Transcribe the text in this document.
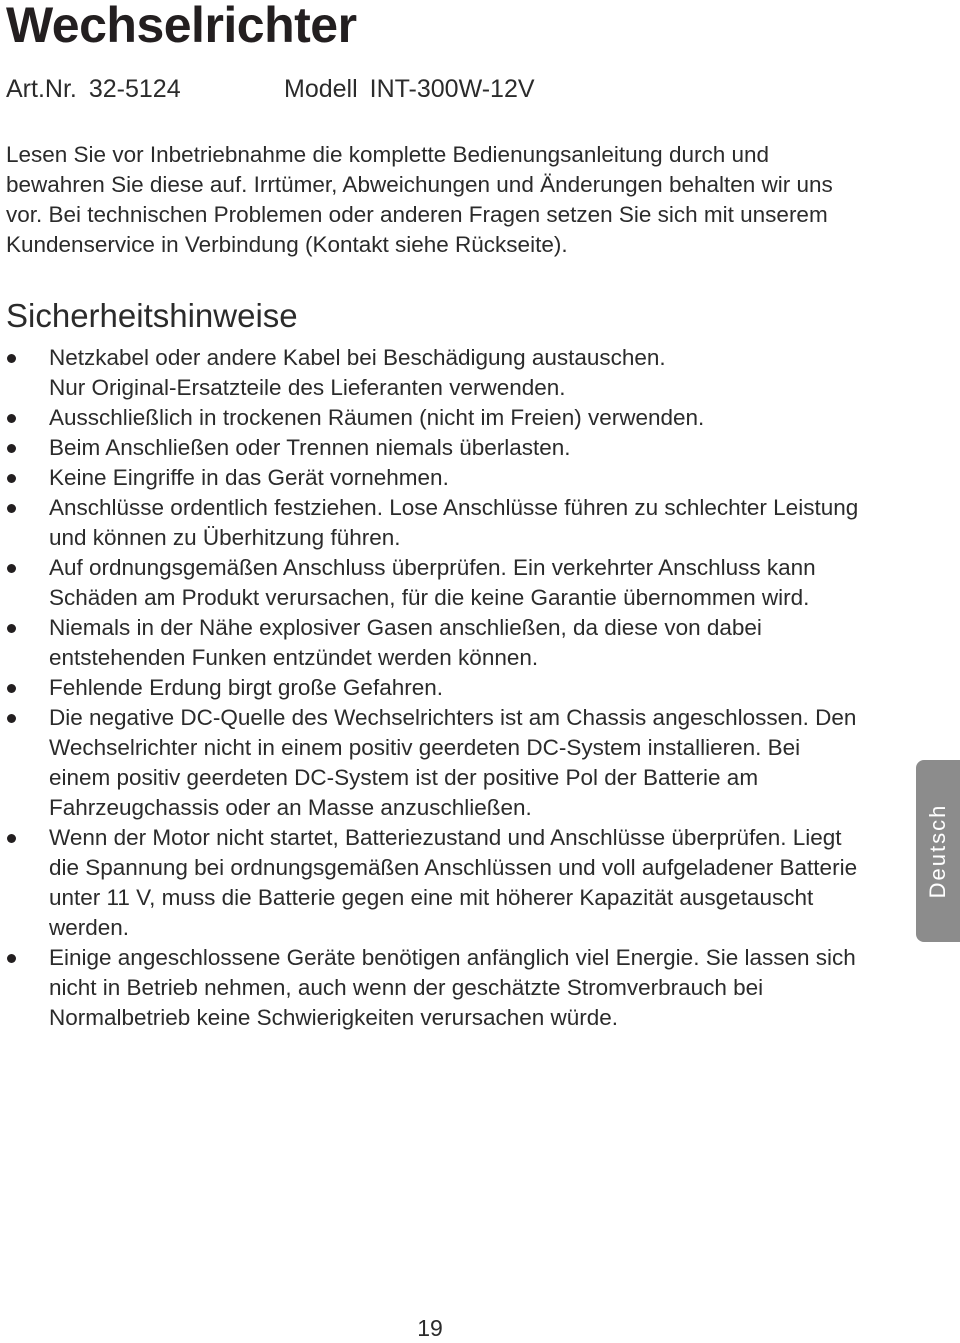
Wechselrichter
Art.Nr. 32-5124	Modell INT-300W-12V

Lesen Sie vor Inbetriebnahme die komplette Bedienungsanleitung durch und bewahren Sie diese auf. Irrtümer, Abweichungen und Änderungen behalten wir uns vor. Bei technischen Problemen oder anderen Fragen setzen Sie sich mit unserem Kundenservice in Verbindung (Kontakt siehe Rückseite).

Sicherheitshinweise
Netzkabel oder andere Kabel bei Beschädigung austauschen.
Nur Original-Ersatzteile des Lieferanten verwenden.
Ausschließlich in trockenen Räumen (nicht im Freien) verwenden.
Beim Anschließen oder Trennen niemals überlasten.
Keine Eingriffe in das Gerät vornehmen.
Anschlüsse ordentlich festziehen. Lose Anschlüsse führen zu schlechter Leistung und können zu Überhitzung führen.
Auf ordnungsgemäßen Anschluss überprüfen. Ein verkehrter Anschluss kann Schäden am Produkt verursachen, für die keine Garantie übernommen wird.
Niemals in der Nähe explosiver Gasen anschließen, da diese von dabei entstehenden Funken entzündet werden können.
Fehlende Erdung birgt große Gefahren.
Die negative DC-Quelle des Wechselrichters ist am Chassis angeschlossen. Den Wechselrichter nicht in einem positiv geerdeten DC-System installieren. Bei einem positiv geerdeten DC-System ist der positive Pol der Batterie am Fahrzeugchassis oder an Masse anzuschließen.
Wenn der Motor nicht startet, Batteriezustand und Anschlüsse überprüfen. Liegt die Spannung bei ordnungsgemäßen Anschlüssen und voll aufgeladener Batterie unter 11 V, muss die Batterie gegen eine mit höherer Kapazität ausgetauscht werden.
Einige angeschlossene Geräte benötigen anfänglich viel Energie. Sie lassen sich nicht in Betrieb nehmen, auch wenn der geschätzte Stromverbrauch bei Normalbetrieb keine Schwierigkeiten verursachen würde.
Deutsch
19
